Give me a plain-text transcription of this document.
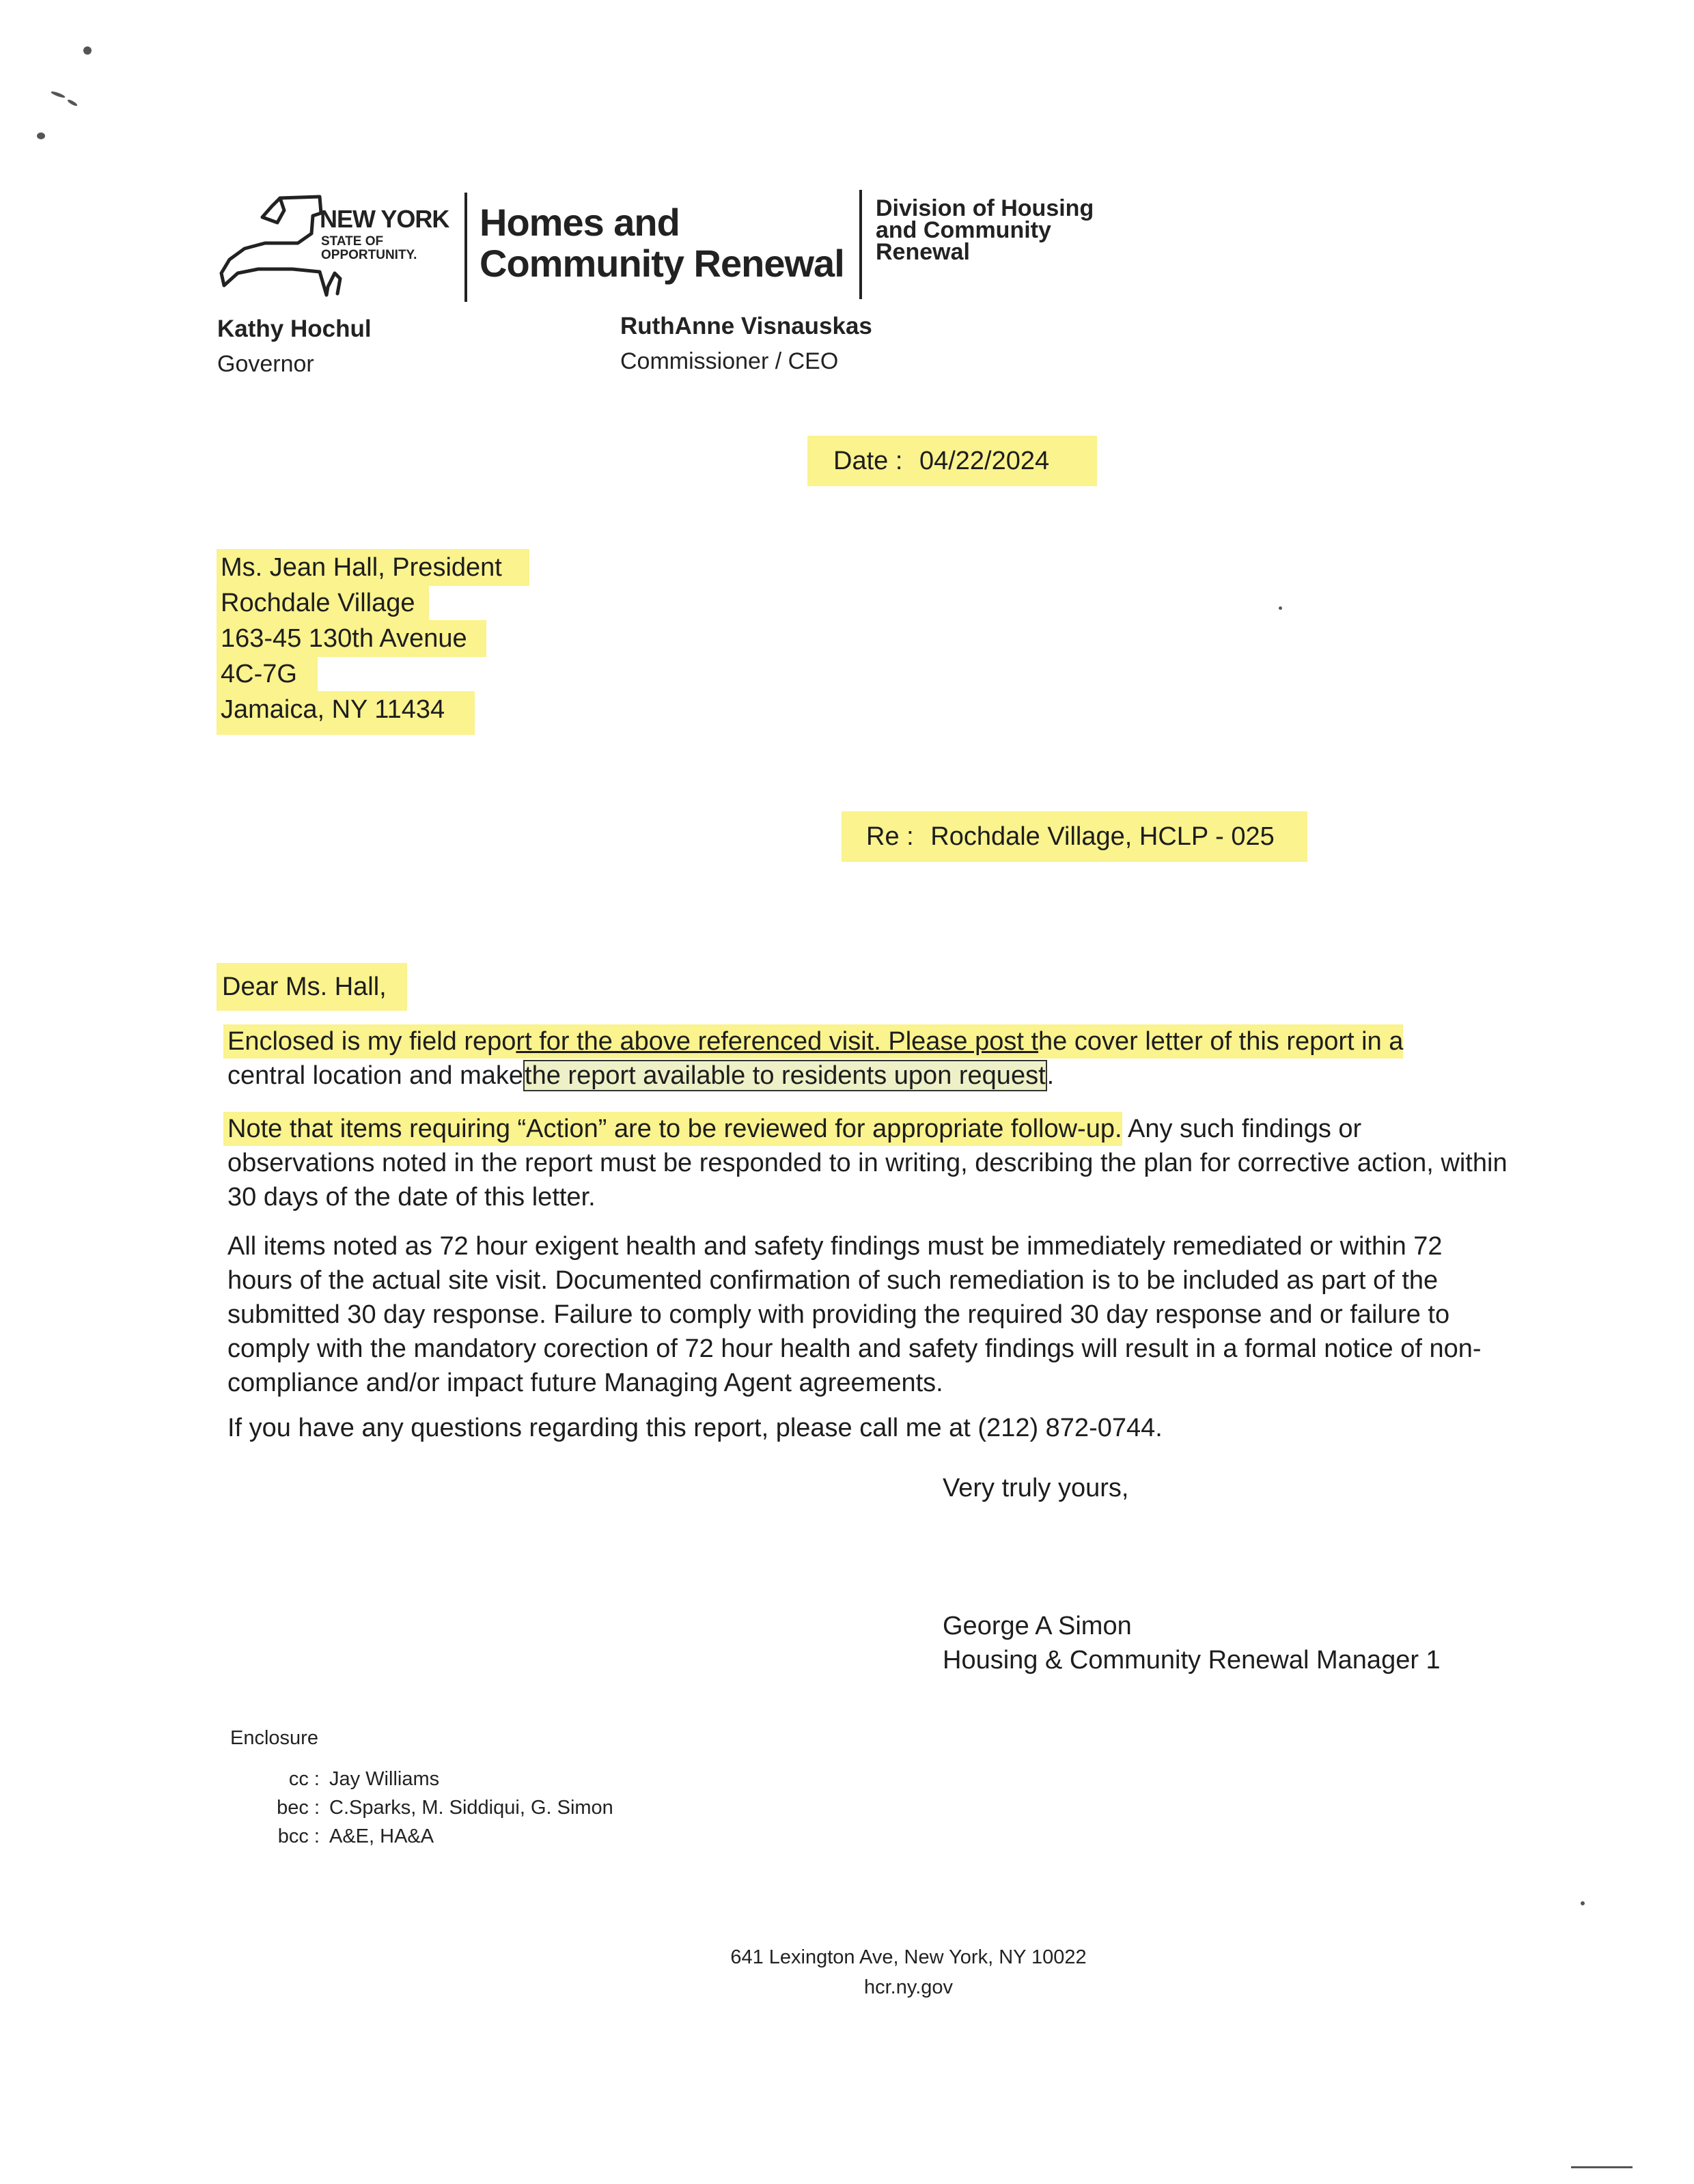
NEW YORK
STATE OF
OPPORTUNITY.
Homes and
Community Renewal
Division of Housing
and Community
Renewal
Kathy Hochul
Governor
RuthAnne Visnauskas
Commissioner / CEO
Date : 04/22/2024
Ms. Jean Hall, President
Rochdale Village
163-45 130th Avenue
4C-7G
Jamaica, NY 11434
Re : Rochdale Village, HCLP - 025
Dear Ms. Hall,

Enclosed is my field report for the above referenced visit. Please post the cover letter of this report in a

central location and makethe report available to residents upon request.

Note that items requiring “Action” are to be reviewed for appropriate follow-up. Any such findings or observations noted in the report must be responded to in writing, describing the plan for corrective action, within 30 days of the date of this letter.

All items noted as 72 hour exigent health and safety findings must be immediately remediated or within 72 hours of the actual site visit. Documented confirmation of such remediation is to be included as part of the submitted 30 day response. Failure to comply with providing the required 30 day response and or failure to comply with the mandatory corection of 72 hour health and safety findings will result in a formal notice of non-compliance and/or impact future Managing Agent agreements.

If you have any questions regarding this report, please call me at (212) 872-0744.

Very truly yours,
George A Simon
Housing & Community Renewal Manager 1
Enclosure
cc : Jay Williams
bec : C.Sparks, M. Siddiqui, G. Simon
bcc : A&E, HA&A
641 Lexington Ave, New York, NY 10022
hcr.ny.gov
